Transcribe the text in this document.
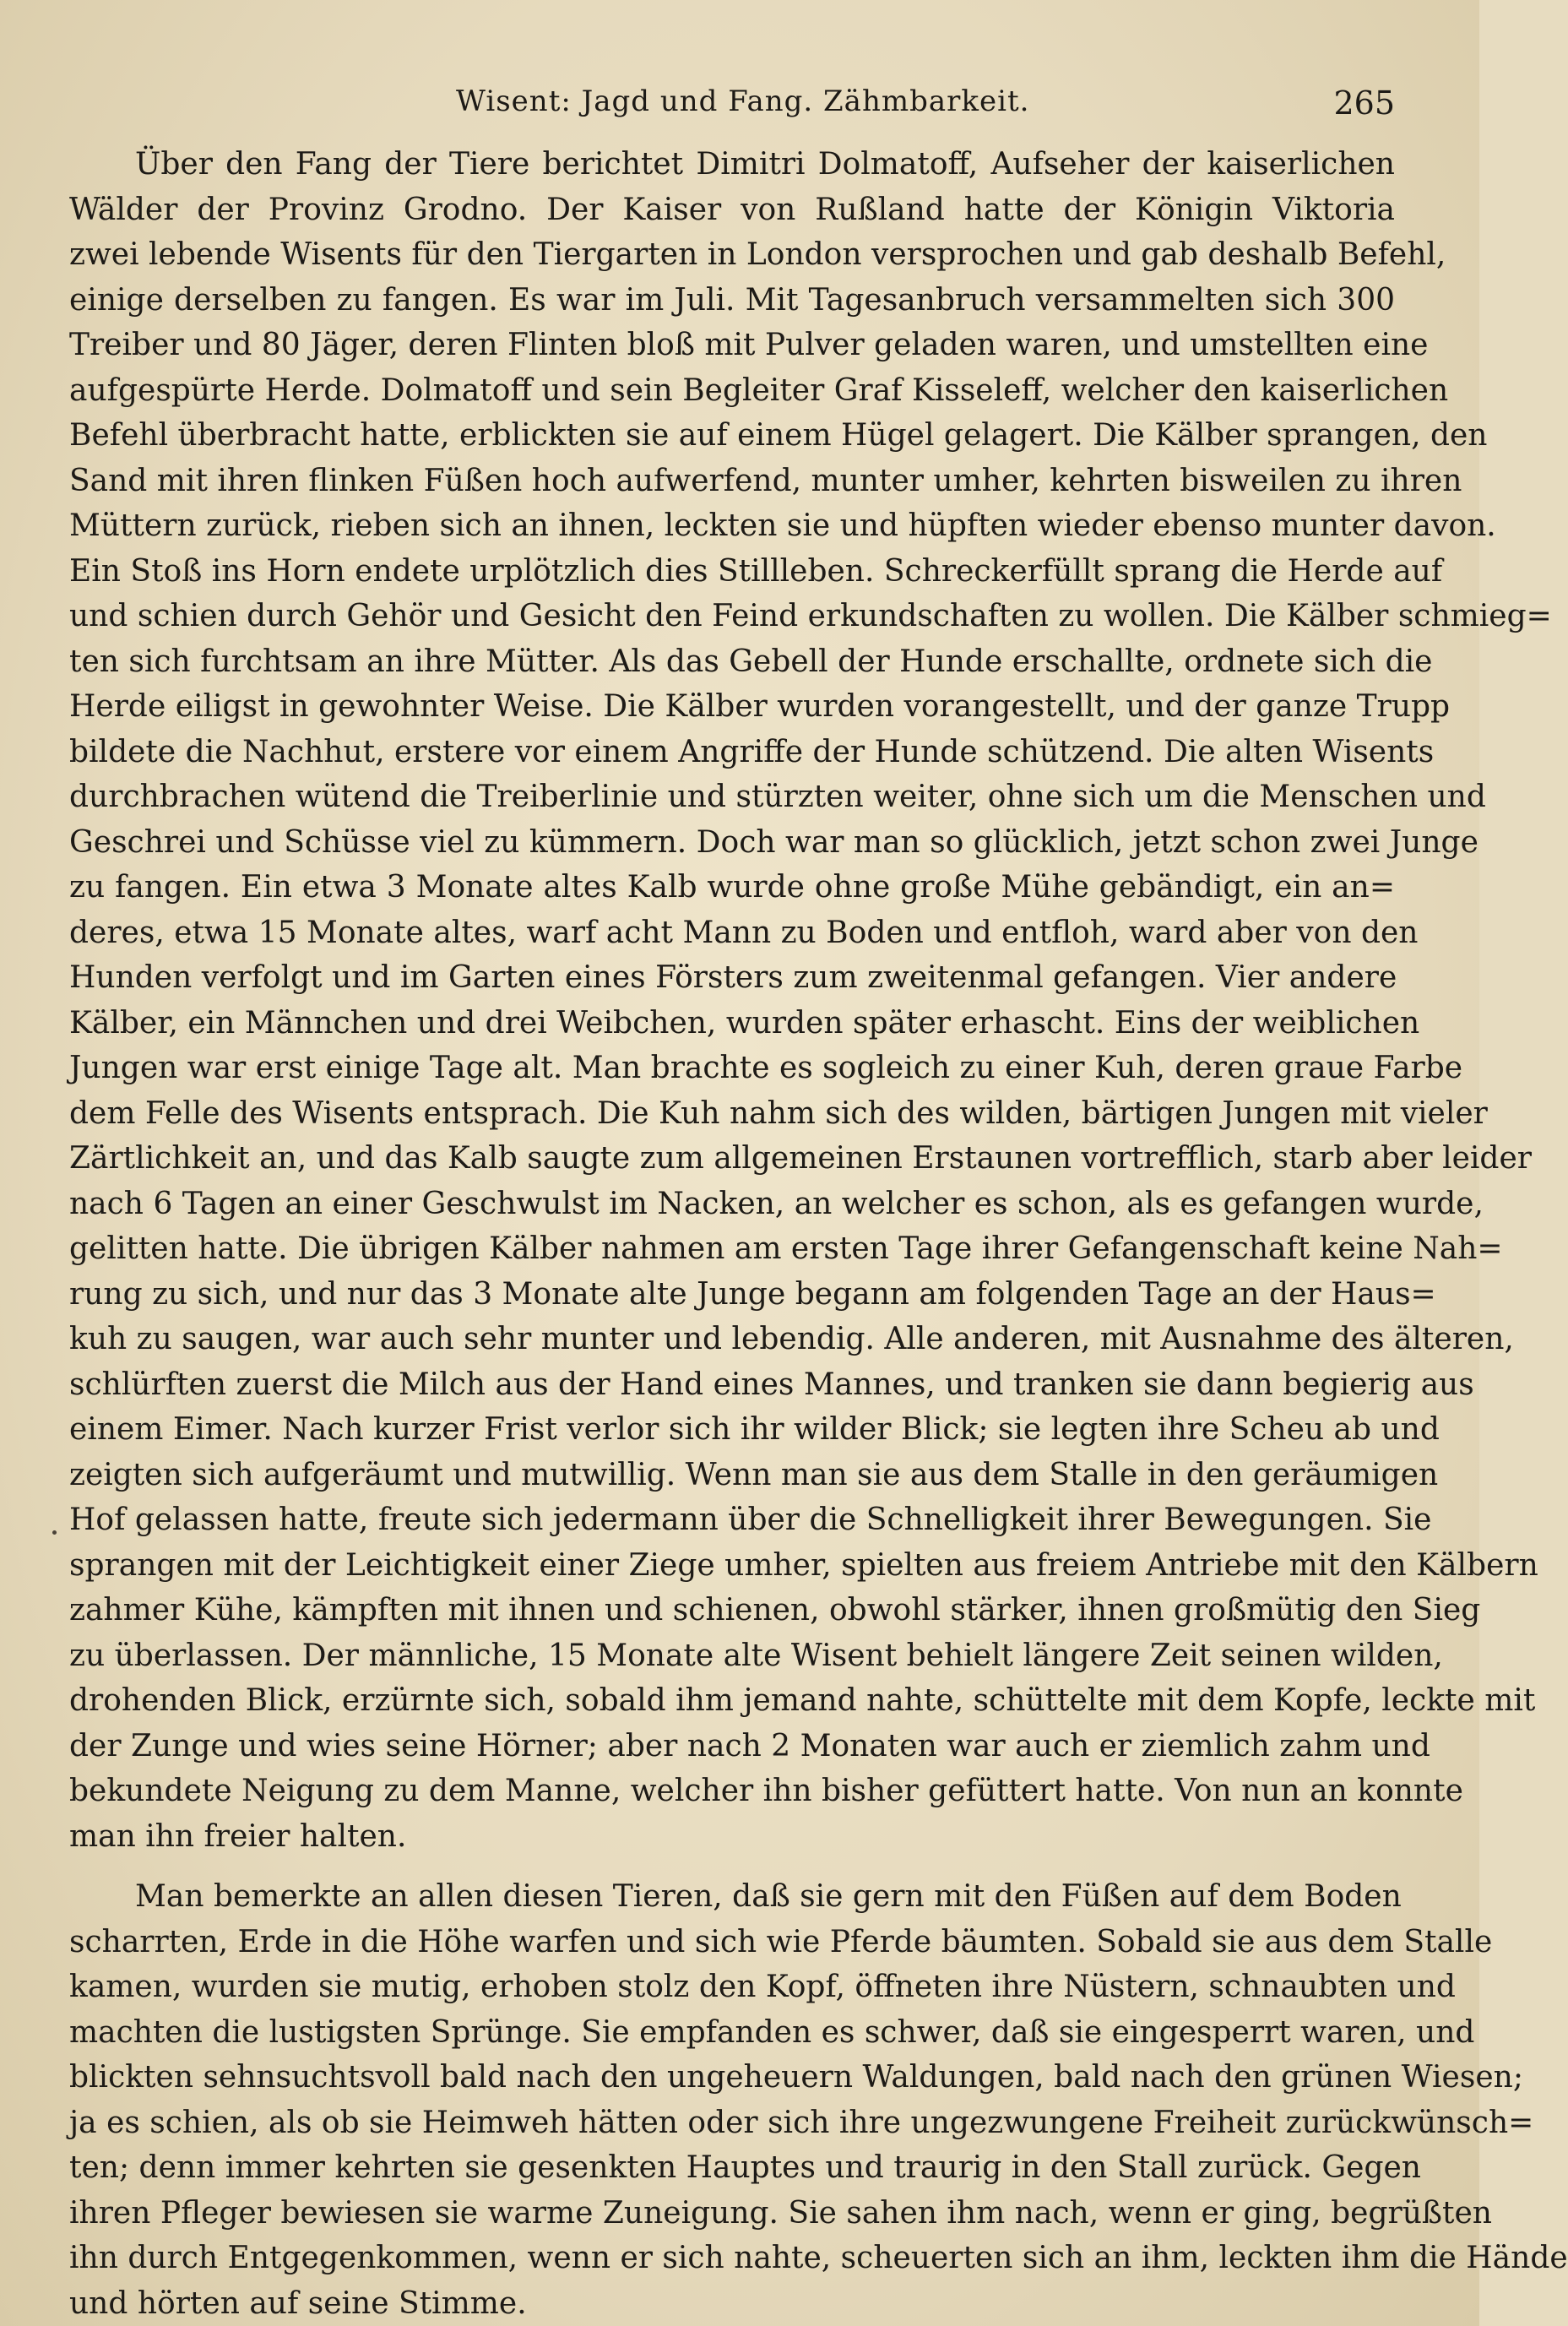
Wisent: Jagd und Fang. Zähmbarkeit.	265
Über den Fang der Tiere berichtet Dimitri Dolmatoff, Aufseher der kaiserlichen
Wälder der Provinz Grodno. Der Kaiser von Rußland hatte der Königin Viktoria
zwei lebende Wisents für den Tiergarten in London versprochen und gab deshalb Befehl,
einige derselben zu fangen. Es war im Juli. Mit Tagesanbruch versammelten sich 300
Treiber und 80 Jäger, deren Flinten bloß mit Pulver geladen waren, und umstellten eine
aufgespürte Herde. Dolmatoff und sein Begleiter Graf Kisseleff, welcher den kaiserlichen
Befehl überbracht hatte, erblickten sie auf einem Hügel gelagert. Die Kälber sprangen, den
Sand mit ihren flinken Füßen hoch aufwerfend, munter umher, kehrten bisweilen zu ihren
Müttern zurück, rieben sich an ihnen, leckten sie und hüpften wieder ebenso munter davon.
Ein Stoß ins Horn endete urplötzlich dies Stillleben. Schreckerfüllt sprang die Herde auf
und schien durch Gehör und Gesicht den Feind erkundschaften zu wollen. Die Kälber schmieg=
ten sich furchtsam an ihre Mütter. Als das Gebell der Hunde erschallte, ordnete sich die
Herde eiligst in gewohnter Weise. Die Kälber wurden vorangestellt, und der ganze Trupp
bildete die Nachhut, erstere vor einem Angriffe der Hunde schützend. Die alten Wisents
durchbrachen wütend die Treiberlinie und stürzten weiter, ohne sich um die Menschen und
Geschrei und Schüsse viel zu kümmern. Doch war man so glücklich, jetzt schon zwei Junge
zu fangen. Ein etwa 3 Monate altes Kalb wurde ohne große Mühe gebändigt, ein an=
deres, etwa 15 Monate altes, warf acht Mann zu Boden und entfloh, ward aber von den
Hunden verfolgt und im Garten eines Försters zum zweitenmal gefangen. Vier andere
Kälber, ein Männchen und drei Weibchen, wurden später erhascht. Eins der weiblichen
Jungen war erst einige Tage alt. Man brachte es sogleich zu einer Kuh, deren graue Farbe
dem Felle des Wisents entsprach. Die Kuh nahm sich des wilden, bärtigen Jungen mit vieler
Zärtlichkeit an, und das Kalb saugte zum allgemeinen Erstaunen vortrefflich, starb aber leider
nach 6 Tagen an einer Geschwulst im Nacken, an welcher es schon, als es gefangen wurde,
gelitten hatte. Die übrigen Kälber nahmen am ersten Tage ihrer Gefangenschaft keine Nah=
rung zu sich, und nur das 3 Monate alte Junge begann am folgenden Tage an der Haus=
kuh zu saugen, war auch sehr munter und lebendig. Alle anderen, mit Ausnahme des älteren,
schlürften zuerst die Milch aus der Hand eines Mannes, und tranken sie dann begierig aus
einem Eimer. Nach kurzer Frist verlor sich ihr wilder Blick; sie legten ihre Scheu ab und
zeigten sich aufgeräumt und mutwillig. Wenn man sie aus dem Stalle in den geräumigen
Hof gelassen hatte, freute sich jedermann über die Schnelligkeit ihrer Bewegungen. Sie
sprangen mit der Leichtigkeit einer Ziege umher, spielten aus freiem Antriebe mit den Kälbern
zahmer Kühe, kämpften mit ihnen und schienen, obwohl stärker, ihnen großmütig den Sieg
zu überlassen. Der männliche, 15 Monate alte Wisent behielt längere Zeit seinen wilden,
drohenden Blick, erzürnte sich, sobald ihm jemand nahte, schüttelte mit dem Kopfe, leckte mit
der Zunge und wies seine Hörner; aber nach 2 Monaten war auch er ziemlich zahm und
bekundete Neigung zu dem Manne, welcher ihn bisher gefüttert hatte. Von nun an konnte
man ihn freier halten.
Man bemerkte an allen diesen Tieren, daß sie gern mit den Füßen auf dem Boden
scharrten, Erde in die Höhe warfen und sich wie Pferde bäumten. Sobald sie aus dem Stalle
kamen, wurden sie mutig, erhoben stolz den Kopf, öffneten ihre Nüstern, schnaubten und
machten die lustigsten Sprünge. Sie empfanden es schwer, daß sie eingesperrt waren, und
blickten sehnsuchtsvoll bald nach den ungeheuern Waldungen, bald nach den grünen Wiesen;
ja es schien, als ob sie Heimweh hätten oder sich ihre ungezwungene Freiheit zurückwünsch=
ten; denn immer kehrten sie gesenkten Hauptes und traurig in den Stall zurück. Gegen
ihren Pfleger bewiesen sie warme Zuneigung. Sie sahen ihm nach, wenn er ging, begrüßten
ihn durch Entgegenkommen, wenn er sich nahte, scheuerten sich an ihm, leckten ihm die Hände
und hörten auf seine Stimme.
